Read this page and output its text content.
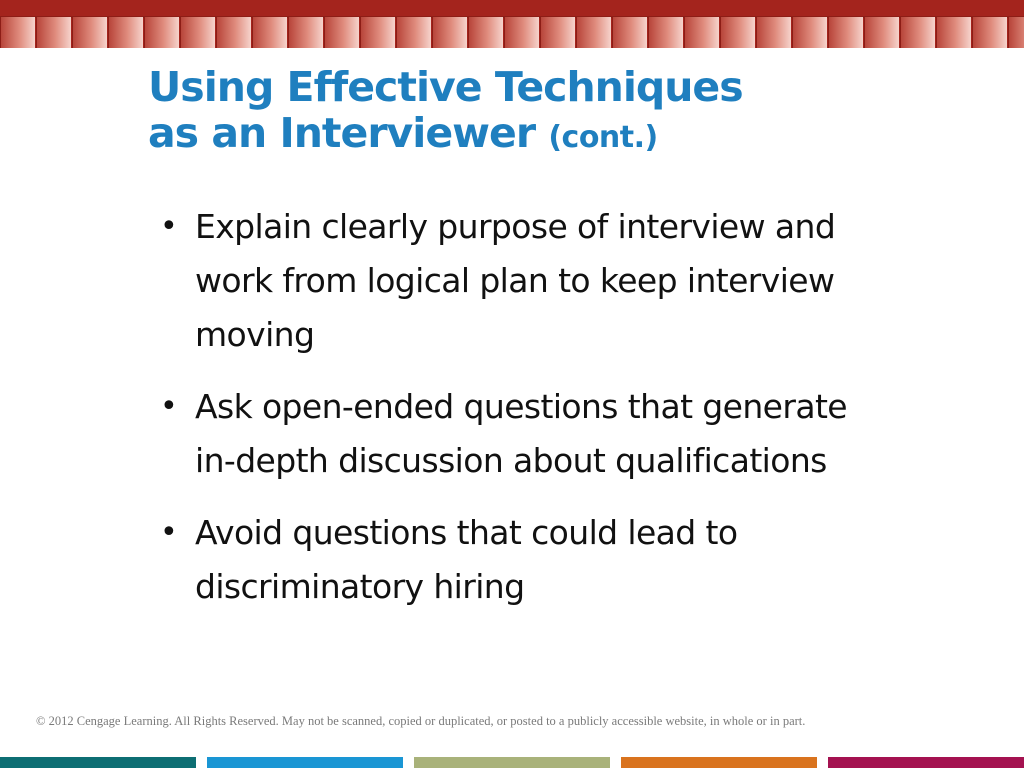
Using Effective Techniques
as an Interviewer (cont.)
• Explain clearly purpose of interview and work from logical plan to keep interview moving
• Ask open-ended questions that generate in-depth discussion about qualifications
• Avoid questions that could lead to discriminatory hiring

© 2012 Cengage Learning. All Rights Reserved. May not be scanned, copied or duplicated, or posted to a publicly accessible website, in whole or in part.
